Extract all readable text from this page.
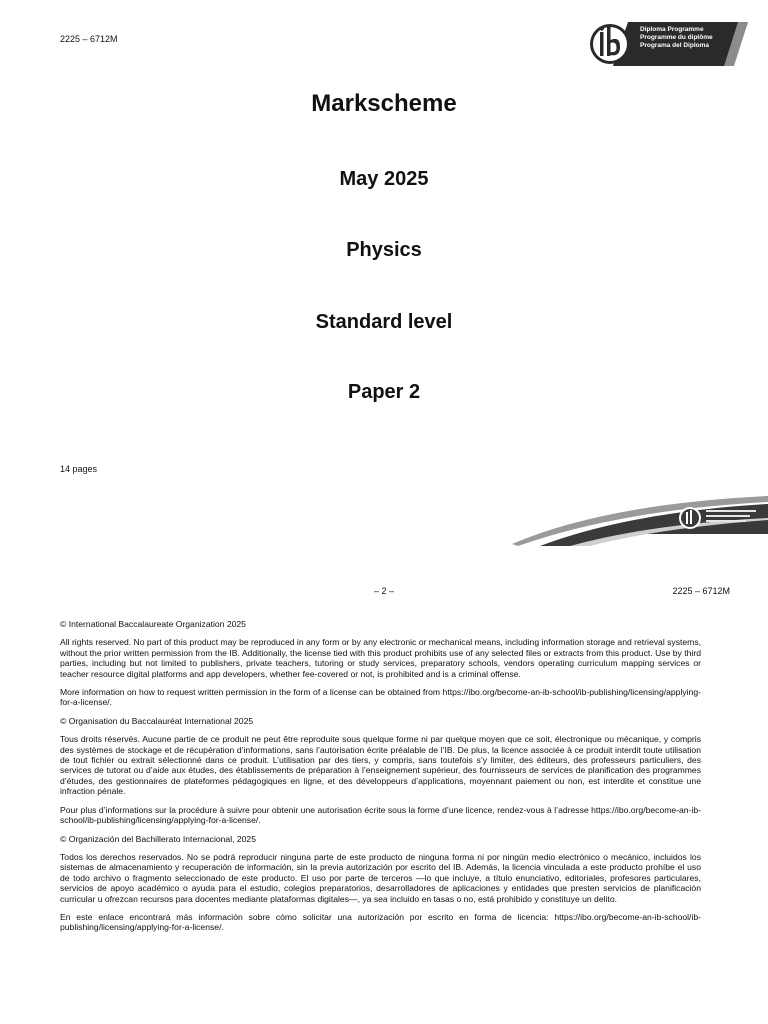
2225 – 6712M
Diploma Programme
Programme du diplôme
Programa del Diploma
Markscheme
May 2025
Physics
Standard level
Paper 2
14 pages
– 2 –	2225 – 6712M

© International Baccalaureate Organization 2025

All rights reserved. No part of this product may be reproduced in any form or by any electronic or mechanical means, including information storage and retrieval systems, without the prior written permission from the IB. Additionally, the license tied with this product prohibits use of any selected files or extracts from this product. Use by third parties, including but not limited to publishers, private teachers, tutoring or study services, preparatory schools, vendors operating curriculum mapping services or teacher resource digital platforms and app developers, whether fee-covered or not, is prohibited and is a criminal offense.

More information on how to request written permission in the form of a license can be obtained from https://ibo.org/become-an-ib-school/ib-publishing/licensing/applying-for-a-license/.

© Organisation du Baccalauréat International 2025

Tous droits réservés. Aucune partie de ce produit ne peut être reproduite sous quelque forme ni par quelque moyen que ce soit, électronique ou mécanique, y compris des systèmes de stockage et de récupération d’informations, sans l’autorisation écrite préalable de l’IB. De plus, la licence associée à ce produit interdit toute utilisation de tout fichier ou extrait sélectionné dans ce produit. L’utilisation par des tiers, y compris, sans toutefois s’y limiter, des éditeurs, des professeurs particuliers, des services de tutorat ou d’aide aux études, des établissements de préparation à l’enseignement supérieur, des fournisseurs de services de planification des programmes d’études, des gestionnaires de plateformes pédagogiques en ligne, et des développeurs d’applications, moyennant paiement ou non, est interdite et constitue une infraction pénale.

Pour plus d’informations sur la procédure à suivre pour obtenir une autorisation écrite sous la forme d’une licence, rendez-vous à l’adresse https://ibo.org/become-an-ib-school/ib-publishing/licensing/applying-for-a-license/.

© Organización del Bachillerato Internacional, 2025

Todos los derechos reservados. No se podrá reproducir ninguna parte de este producto de ninguna forma ni por ningún medio electrónico o mecánico, incluidos los sistemas de almacenamiento y recuperación de información, sin la previa autorización por escrito del IB. Además, la licencia vinculada a este producto prohíbe el uso de todo archivo o fragmento seleccionado de este producto. El uso por parte de terceros —lo que incluye, a título enunciativo, editoriales, profesores particulares, servicios de apoyo académico o ayuda para el estudio, colegios preparatorios, desarrolladores de aplicaciones y entidades que presten servicios de planificación curricular u ofrezcan recursos para docentes mediante plataformas digitales—, ya sea incluido en tasas o no, está prohibido y constituye un delito.

En este enlace encontrará más información sobre cómo solicitar una autorización por escrito en forma de licencia: https://ibo.org/become-an-ib-school/ib-publishing/licensing/applying-for-a-license/.
